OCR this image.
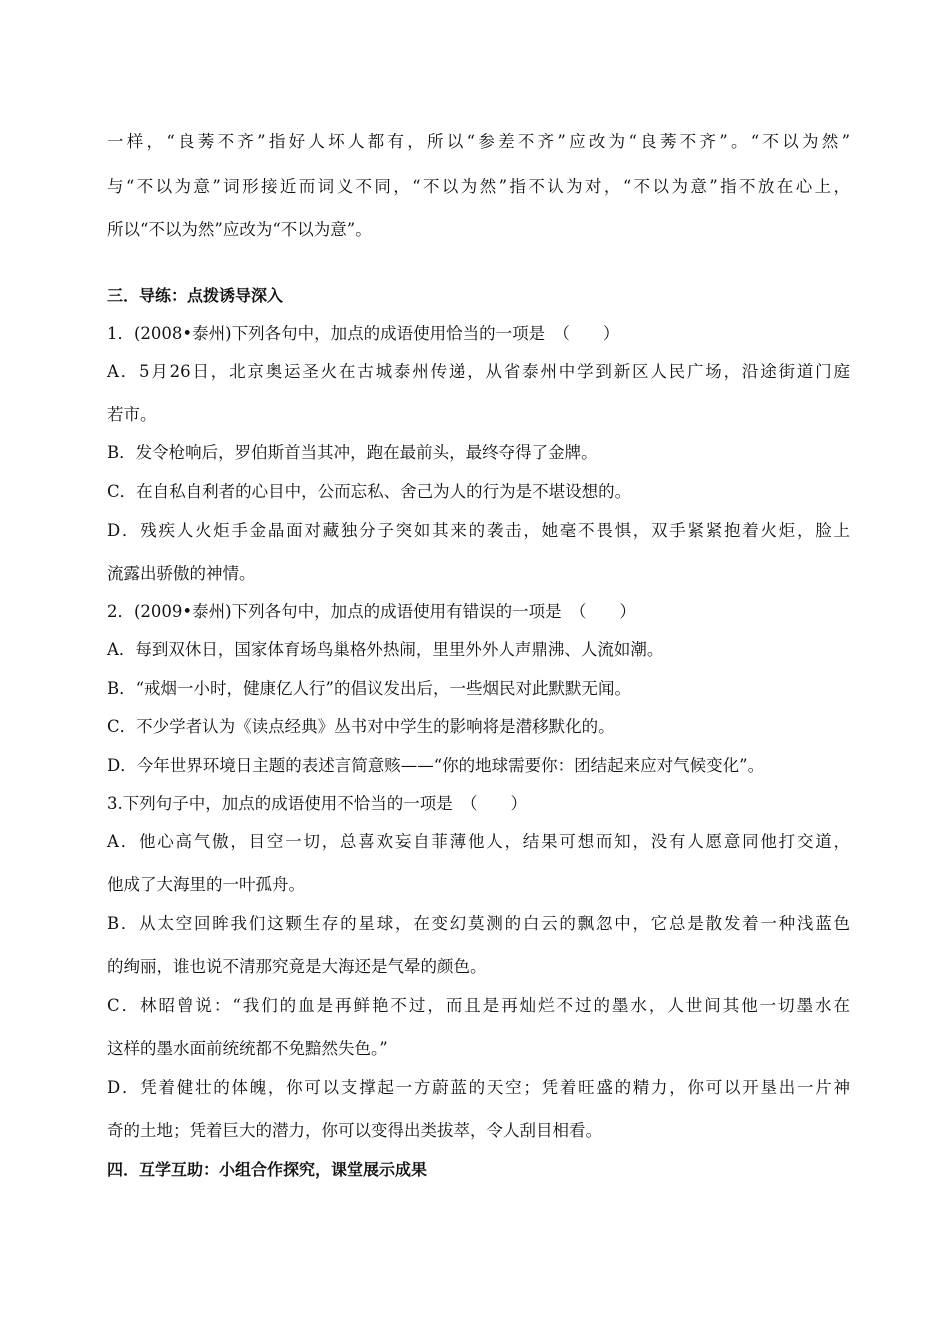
一样，“良莠不齐”指好人坏人都有，所以“参差不齐”应改为“良莠不齐”。“不以为然”
与“不以为意”词形接近而词义不同，“不以为然”指不认为对，“不以为意”指不放在心上，
所以“不以为然”应改为“不以为意”。
三．导练：点拨诱导深入
1．(2008•泰州)下列各句中，加点的成语使用恰当的一项是　（　　）
A．5月26日，北京奥运圣火在古城泰州传递，从省泰州中学到新区人民广场，沿途街道门庭
若市。
B．发令枪响后，罗伯斯首当其冲，跑在最前头，最终夺得了金牌。
C．在自私自利者的心目中，公而忘私、舍己为人的行为是不堪设想的。
D．残疾人火炬手金晶面对藏独分子突如其来的袭击，她毫不畏惧，双手紧紧抱着火炬，脸上
流露出骄傲的神情。
2．(2009•泰州)下列各句中，加点的成语使用有错误的一项是　（　　）
A．每到双休日，国家体育场鸟巢格外热闹，里里外外人声鼎沸、人流如潮。
B．“戒烟一小时，健康亿人行”的倡议发出后，一些烟民对此默默无闻。
C．不少学者认为《读点经典》丛书对中学生的影响将是潜移默化的。
D．今年世界环境日主题的表述言简意赅——“你的地球需要你：团结起来应对气候变化”。
3.下列句子中，加点的成语使用不恰当的一项是　（　　）
A．他心高气傲，目空一切，总喜欢妄自菲薄他人，结果可想而知，没有人愿意同他打交道，
他成了大海里的一叶孤舟。
B．从太空回眸我们这颗生存的星球，在变幻莫测的白云的飘忽中，它总是散发着一种浅蓝色
的绚丽，谁也说不清那究竟是大海还是气晕的颜色。
C．林昭曾说：“我们的血是再鲜艳不过，而且是再灿烂不过的墨水，人世间其他一切墨水在
这样的墨水面前统统都不免黯然失色。”
D．凭着健壮的体魄，你可以支撑起一方蔚蓝的天空；凭着旺盛的精力，你可以开垦出一片神
奇的土地；凭着巨大的潜力，你可以变得出类拔萃，令人刮目相看。
四．互学互助：小组合作探究，课堂展示成果
